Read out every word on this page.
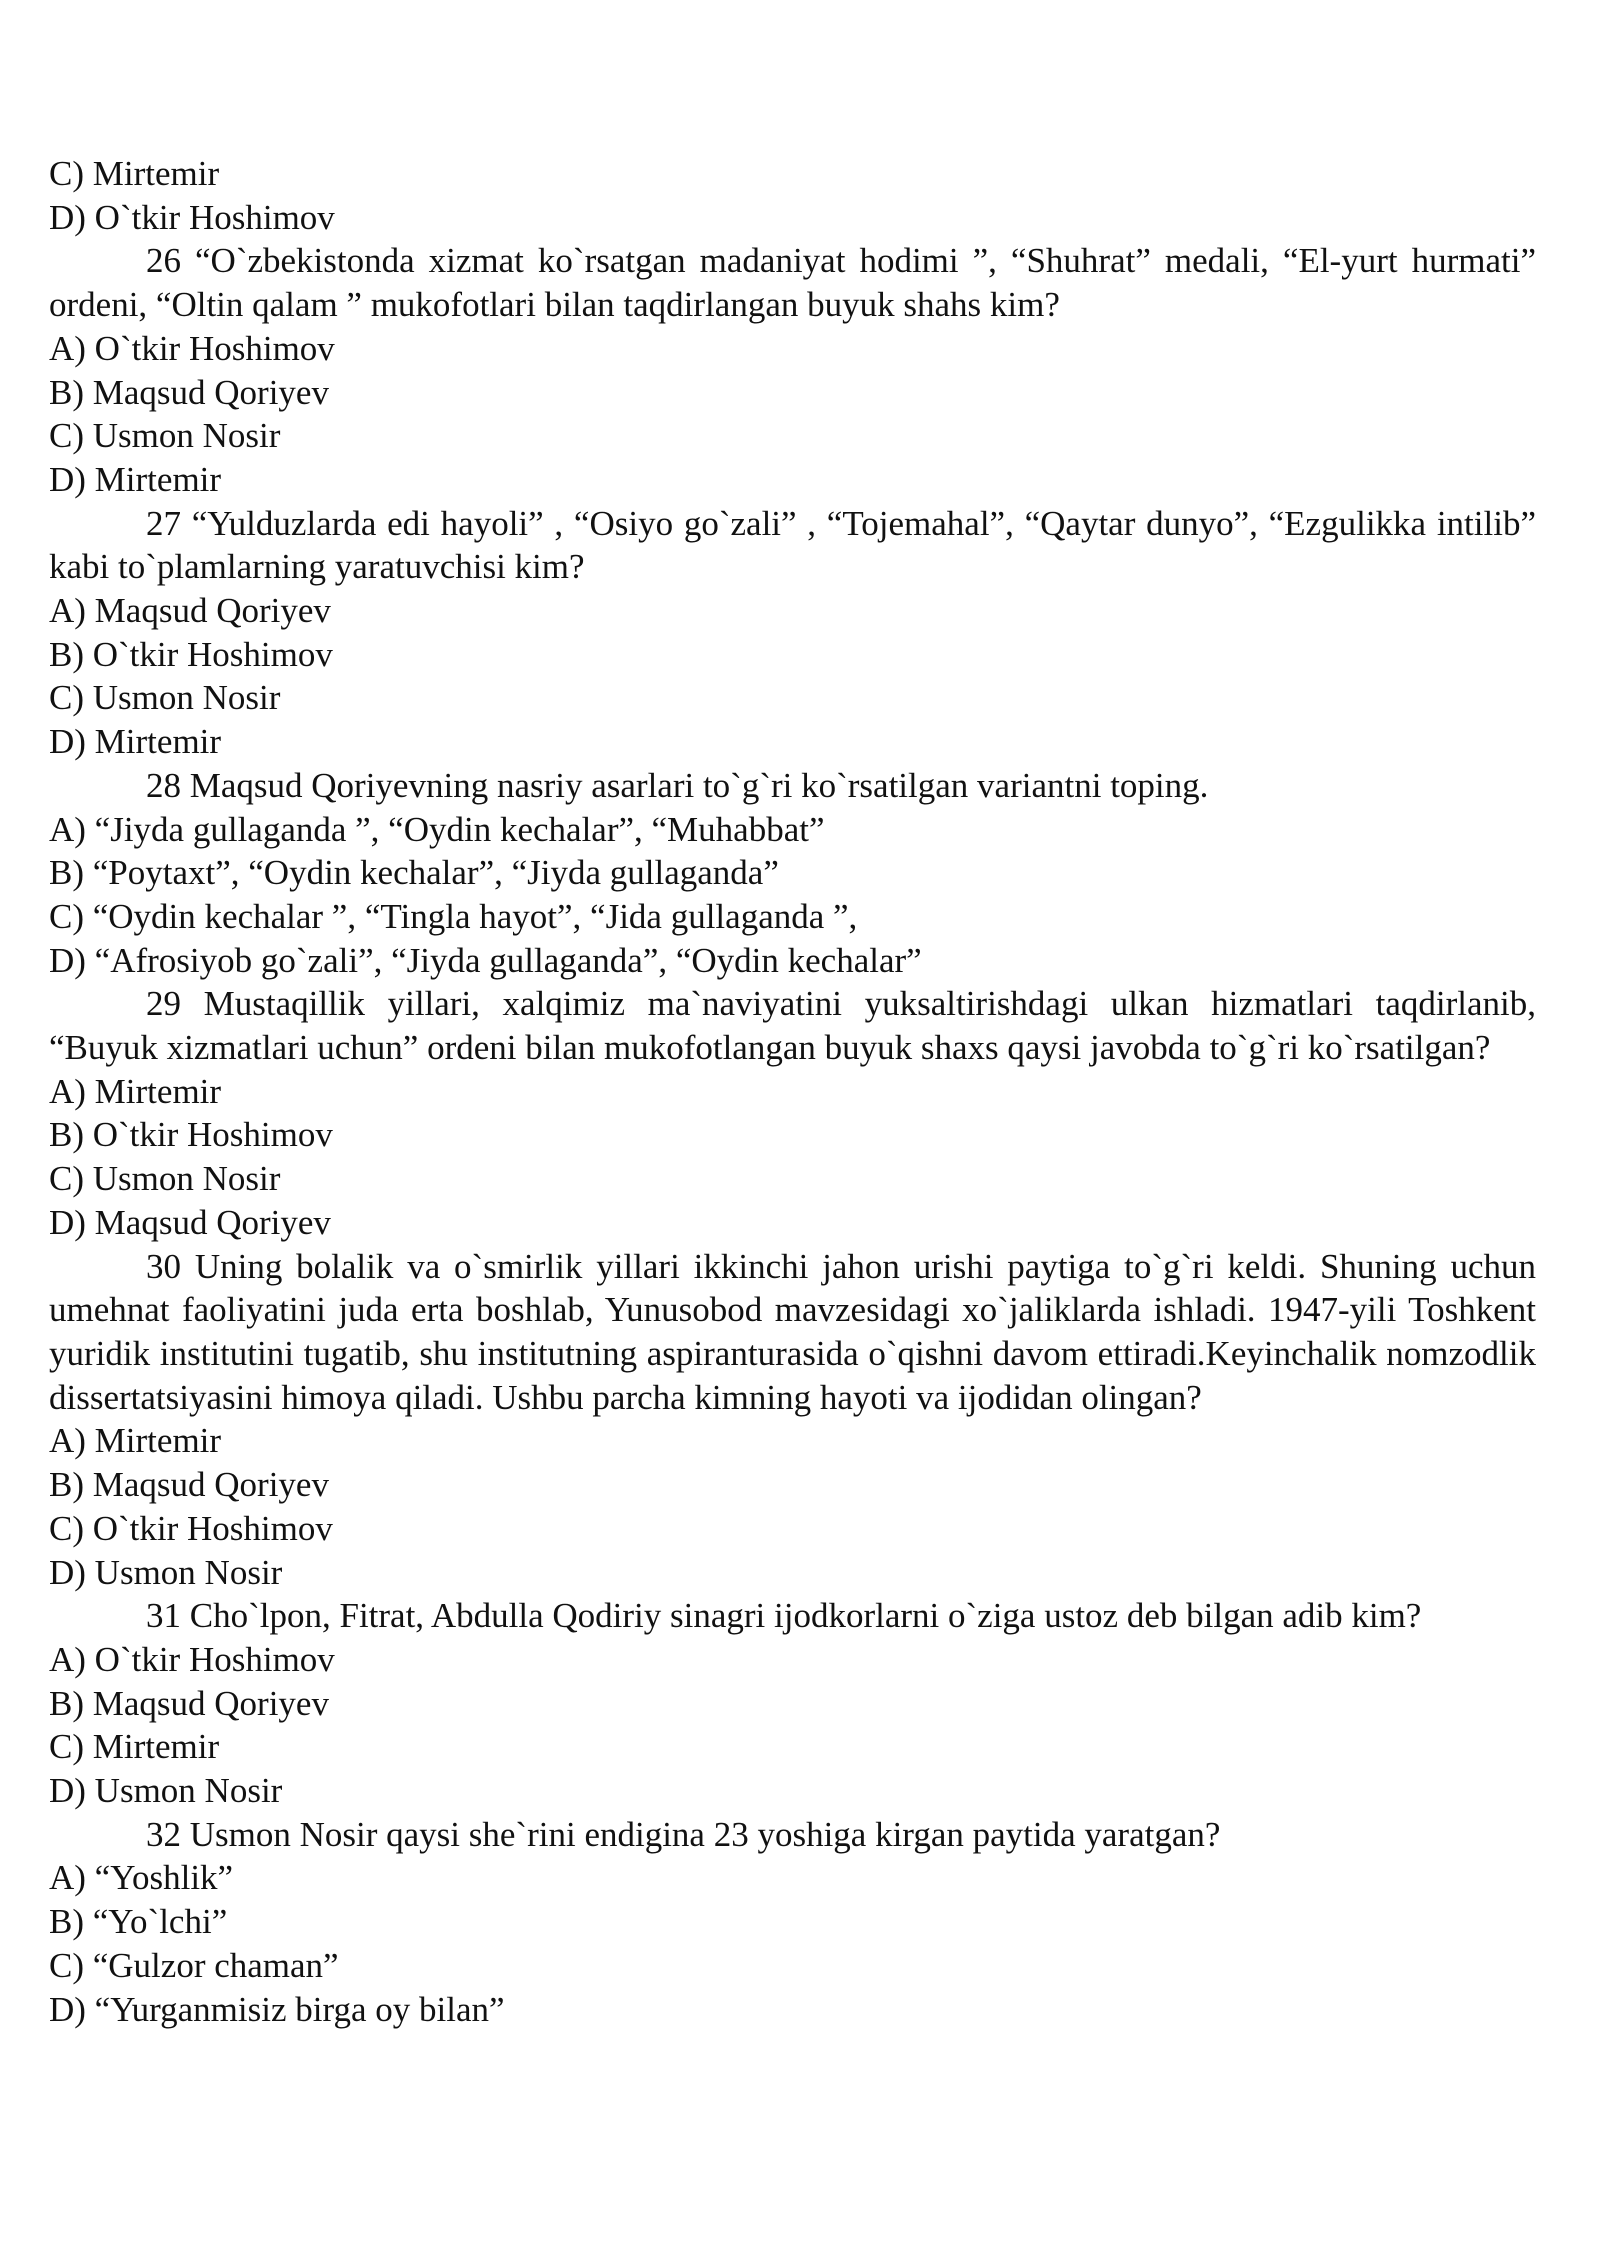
C) Mirtemir

D) O`tkir Hoshimov

26 “O`zbekistonda xizmat ko`rsatgan madaniyat hodimi ”, “Shuhrat” medali, “El-yurt hurmati” ordeni, “Oltin qalam ” mukofotlari bilan taqdirlangan buyuk shahs kim?

A) O`tkir Hoshimov

B) Maqsud Qoriyev

C) Usmon Nosir

D) Mirtemir

27 “Yulduzlarda edi hayoli” , “Osiyo go`zali” , “Tojemahal”, “Qaytar dunyo”, “Ezgulikka intilib” kabi to`plamlarning yaratuvchisi kim?

A) Maqsud Qoriyev

B) O`tkir Hoshimov

C) Usmon Nosir

D) Mirtemir

28 Maqsud Qoriyevning nasriy asarlari to`g`ri ko`rsatilgan variantni toping.

A) “Jiyda gullaganda ”, “Oydin kechalar”, “Muhabbat”

B) “Poytaxt”, “Oydin kechalar”, “Jiyda gullaganda”

C) “Oydin kechalar ”, “Tingla hayot”, “Jida gullaganda ”,

D) “Afrosiyob go`zali”, “Jiyda gullaganda”, “Oydin kechalar”

29 Mustaqillik yillari, xalqimiz ma`naviyatini yuksaltirishdagi ulkan hizmatlari taqdirlanib, “Buyuk xizmatlari uchun” ordeni bilan mukofotlangan buyuk shaxs qaysi javobda to`g`ri ko`rsatilgan?

A) Mirtemir

B) O`tkir Hoshimov

C) Usmon Nosir

D) Maqsud Qoriyev

30 Uning bolalik va o`smirlik yillari ikkinchi jahon urishi paytiga to`g`ri keldi. Shuning uchun umehnat faoliyatini juda erta boshlab, Yunusobod mavzesidagi xo`jaliklarda ishladi. 1947-yili Toshkent yuridik institutini tugatib, shu institutning aspiranturasida o`qishni davom ettiradi.Keyinchalik nomzodlik dissertatsiyasini himoya qiladi. Ushbu parcha kimning hayoti va ijodidan olingan?

A) Mirtemir

B) Maqsud Qoriyev

C) O`tkir Hoshimov

D) Usmon Nosir

31 Cho`lpon, Fitrat, Abdulla Qodiriy sinagri ijodkorlarni o`ziga ustoz deb bilgan adib kim?

A) O`tkir Hoshimov

B) Maqsud Qoriyev

C) Mirtemir

D) Usmon Nosir

32 Usmon Nosir qaysi she`rini endigina 23 yoshiga kirgan paytida yaratgan?

A) “Yoshlik”

B) “Yo`lchi”

C) “Gulzor chaman”

D) “Yurganmisiz birga oy bilan”
